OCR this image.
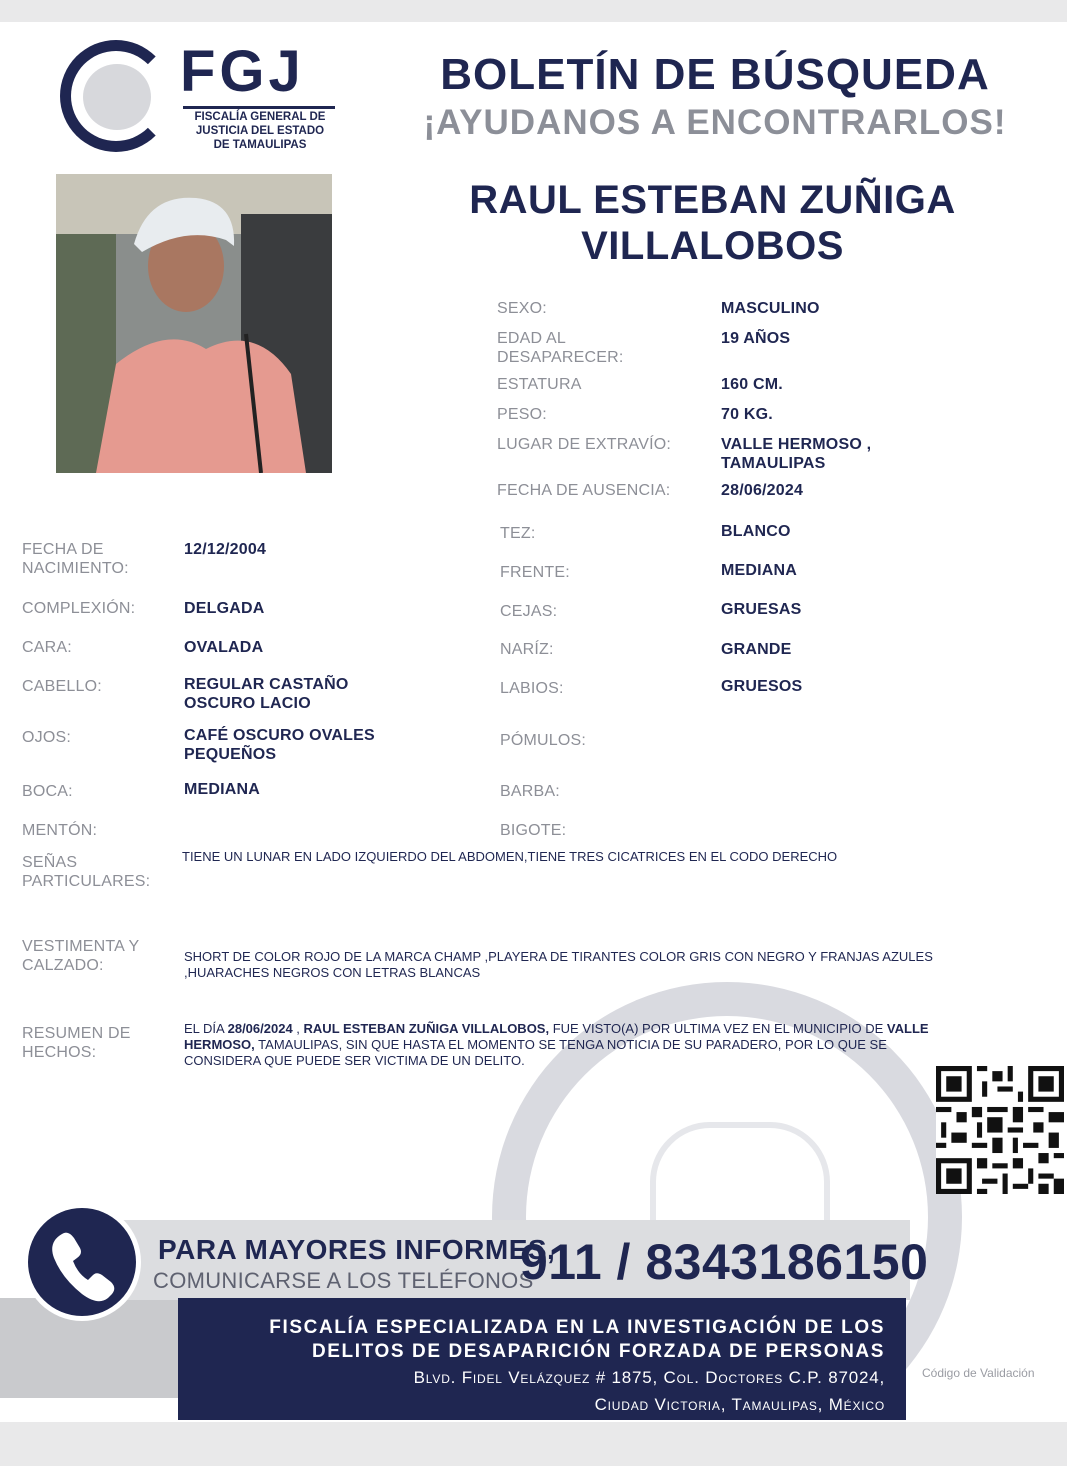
FGJ
FISCALÍA GENERAL DE
JUSTICIA DEL ESTADO
DE TAMAULIPAS
BOLETÍN DE BÚSQUEDA
¡AYUDANOS A ENCONTRARLOS!
RAUL ESTEBAN ZUÑIGA
VILLALOBOS
SEXO:	MASCULINO
EDAD AL DESAPARECER:
19 AÑOS
ESTATURA	160 CM.
PESO:	70 KG.
LUGAR DE EXTRAVÍO:	VALLE HERMOSO , TAMAULIPAS
FECHA DE AUSENCIA:	28/06/2024
TEZ:	BLANCO
FRENTE:	MEDIANA
CEJAS:	GRUESAS
NARÍZ:	GRANDE
LABIOS:	GRUESOS
PÓMULOS:
BARBA:
BIGOTE:
FECHA DE NACIMIENTO:
12/12/2004
COMPLEXIÓN:	DELGADA
CARA:	OVALADA
CABELLO:	REGULAR CASTAÑO OSCURO LACIO
OJOS:	CAFÉ OSCURO OVALES PEQUEÑOS
BOCA:	MEDIANA
MENTÓN:
SEÑAS PARTICULARES:
TIENE UN LUNAR EN LADO IZQUIERDO DEL ABDOMEN,TIENE TRES CICATRICES EN EL CODO DERECHO
VESTIMENTA Y CALZADO:
SHORT DE COLOR ROJO DE LA MARCA CHAMP ,PLAYERA DE TIRANTES COLOR GRIS CON NEGRO Y FRANJAS AZULES
,HUARACHES NEGROS CON LETRAS BLANCAS
RESUMEN DE HECHOS:
EL DÍA 28/06/2024 , RAUL ESTEBAN ZUÑIGA VILLALOBOS, FUE VISTO(A) POR ULTIMA VEZ EN EL MUNICIPIO DE VALLE
HERMOSO, TAMAULIPAS, SIN QUE HASTA EL MOMENTO SE TENGA NOTICIA DE SU PARADERO, POR LO QUE SE
CONSIDERA QUE PUEDE SER VICTIMA DE UN DELITO.
PARA MAYORES INFORMES,
COMUNICARSE A LOS TELÉFONOS
911 / 8343186150
FISCALÍA ESPECIALIZADA EN LA INVESTIGACIÓN DE LOS
DELITOS DE DESAPARICIÓN FORZADA DE PERSONAS
Blvd. Fidel Velázquez # 1875, Col. Doctores C.P. 87024,
Ciudad Victoria, Tamaulipas, México
Código de Validación
